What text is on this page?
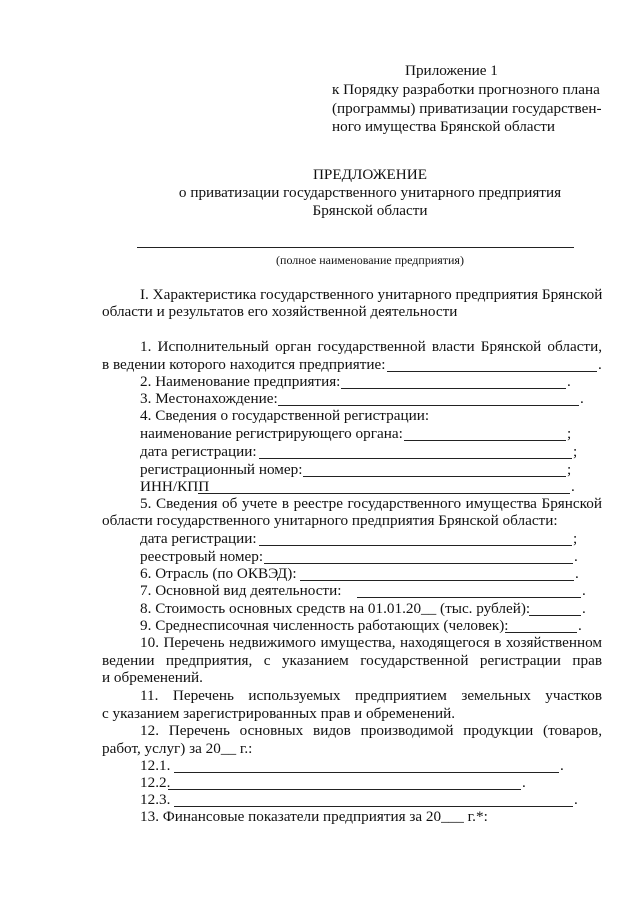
Приложение 1
к Порядку разработки прогнозного плана
(программы) приватизации государствен-
ного имущества Брянской области
ПРЕДЛОЖЕНИЕ
о приватизации государственного унитарного предприятия
Брянской области
(полное наименование предприятия)
I. Характеристика государственного унитарного предприятия Брянской
области и результатов его хозяйственной деятельности
1. Исполнительный орган государственной власти Брянской области,
в ведении которого находится предприятие:	.
2. Наименование предприятия:	.
3. Местонахождение:	.
4. Сведения о государственной регистрации:
наименование регистрирующего органа:	;
дата регистрации:	;
регистрационный номер:	;
ИНН/КПП	.
5. Сведения об учете в реестре государственного имущества Брянской
области государственного унитарного предприятия Брянской области:
дата регистрации:	;
реестровый номер:	.
6. Отрасль (по ОКВЭД):	.
7. Основной вид деятельности:	.
8. Стоимость основных средств на 01.01.20__ (тыс. рублей):	.
9. Среднесписочная численность работающих (человек):	.
10. Перечень недвижимого имущества, находящегося в хозяйственном
ведении предприятия, с указанием государственной регистрации прав
и обременений.
11. Перечень используемых предприятием земельных участков
с указанием зарегистрированных прав и обременений.
12. Перечень основных видов производимой продукции (товаров,
работ, услуг) за 20__ г.:
12.1.	.
12.2.	.
12.3.	.
13. Финансовые показатели предприятия за 20___ г.*:
